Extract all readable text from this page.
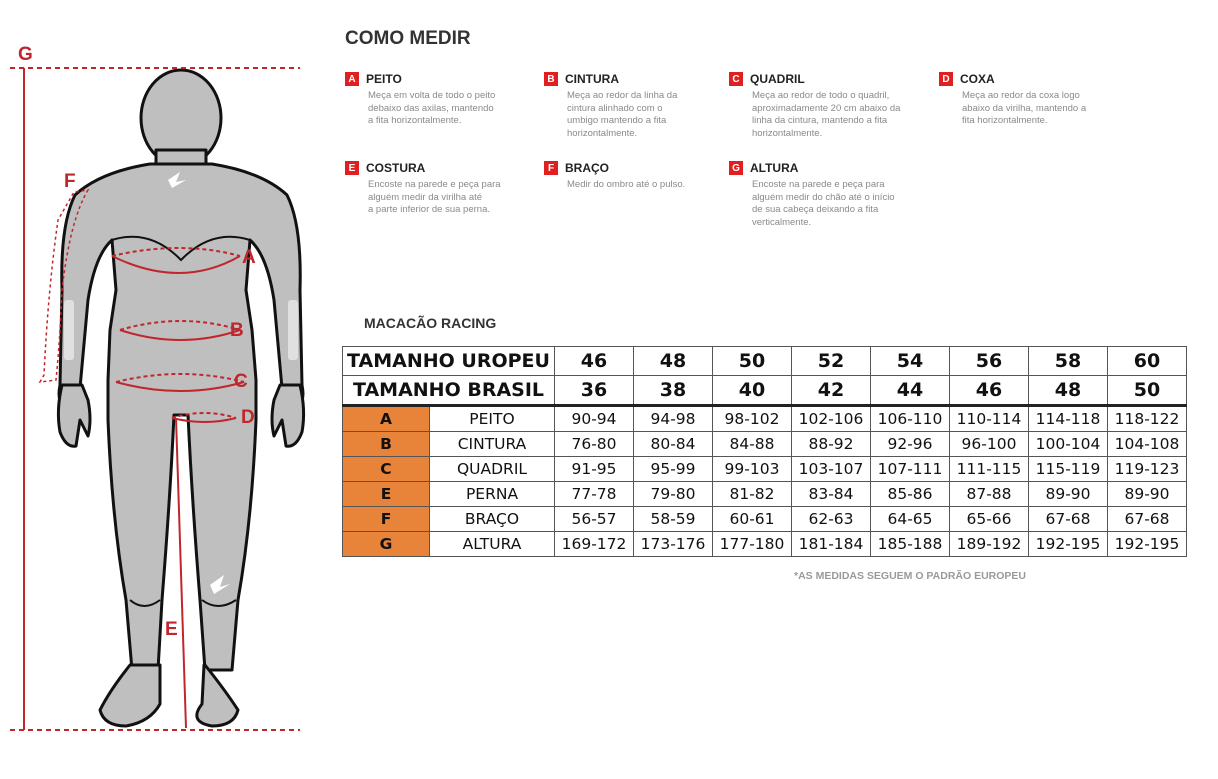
G
F
A
B
C
D
E
COMO MEDIR
A PEITO
Meça em volta de todo o peito
debaixo das axilas, mantendo
a fita horizontalmente.
B CINTURA
Meça ao redor da linha da
cintura alinhado com o
umbigo mantendo a fita
horizontalmente.
C QUADRIL
Meça ao redor de todo o quadril,
aproximadamente 20 cm abaixo da
linha da cintura, mantendo a fita
horizontalmente.
D COXA
Meça ao redor da coxa logo
abaixo da virilha, mantendo a
fita horizontalmente.
E COSTURA
Encoste na parede e peça para
alguém medir da virilha até
a parte inferior de sua perna.
F BRAÇO
Medir do ombro até o pulso.
G ALTURA
Encoste na parede e peça para
alguém medir do chão até o início
de sua cabeça deixando a fita
verticalmente.
MACACÃO RACING
TAMANHO UROPEU		46	48	50	52	54	56	58	60
TAMANHO BRASIL		36	38	40	42	44	46	48	50
A	PEITO	90-94	94-98	98-102	102-106	106-110	110-114	114-118	118-122
B	CINTURA	76-80	80-84	84-88	88-92	92-96	96-100	100-104	104-108
C	QUADRIL	91-95	95-99	99-103	103-107	107-111	111-115	115-119	119-123
E	PERNA	77-78	79-80	81-82	83-84	85-86	87-88	89-90	89-90
F	BRAÇO	56-57	58-59	60-61	62-63	64-65	65-66	67-68	67-68
G	ALTURA	169-172	173-176	177-180	181-184	185-188	189-192	192-195	192-195
*AS MEDIDAS SEGUEM O PADRÃO EUROPEU
